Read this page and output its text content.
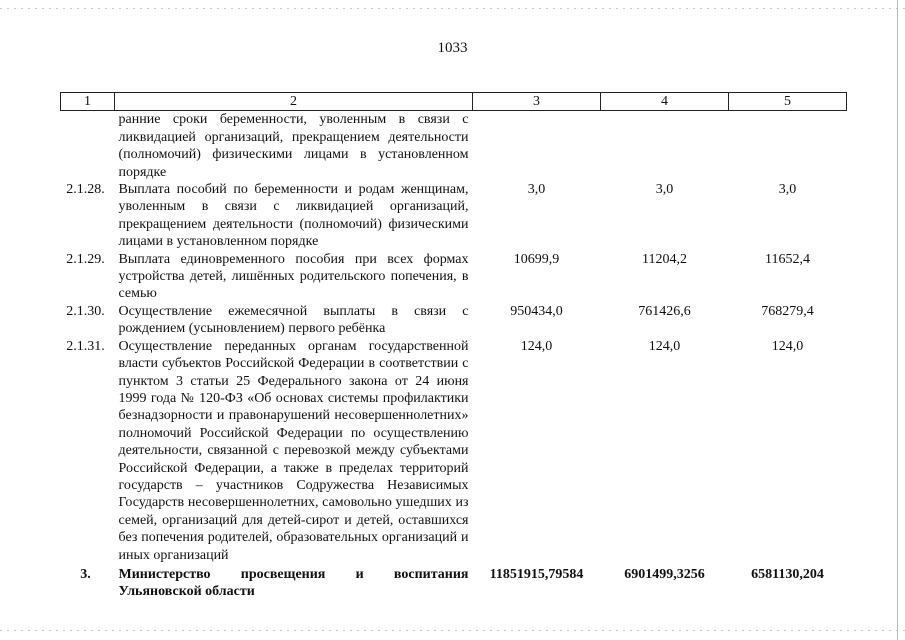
1033
1	2	3	4	5
	ранние сроки беременности, уволенным в связи с ликвидацией организаций, прекращением деятельности (полномочий) физическими лицами в установленном порядке			
2.1.28.	Выплата пособий по беременности и родам женщинам, уволенным в связи с ликвидацией организаций, прекращением деятельности (полномочий) физическими лицами в установленном порядке	3,0	3,0	3,0
2.1.29.	Выплата единовременного пособия при всех формах устройства детей, лишённых родительского попечения, в семью	10699,9	11204,2	11652,4
2.1.30.	Осуществление ежемесячной выплаты в связи с рождением (усыновлением) первого ребёнка	950434,0	761426,6	768279,4
2.1.31.	Осуществление переданных органам государственной власти субъектов Российской Федерации в соответствии с пунктом 3 статьи 25 Федерального закона от 24 июня 1999 года № 120-ФЗ «Об основах системы профилактики безнадзорности и правонарушений несовершеннолетних» полномочий Российской Федерации по осуществлению деятельности, связанной с перевозкой между субъектами Российской Федерации, а также в пределах территорий государств – участников Содружества Независимых Государств несовершеннолетних, самовольно ушедших из семей, организаций для детей-сирот и детей, оставшихся без попечения родителей, образовательных организаций и иных организаций	124,0	124,0	124,0
3.	Министерство просвещения и воспитания Ульяновской области	11851915,79584	6901499,3256	6581130,204
